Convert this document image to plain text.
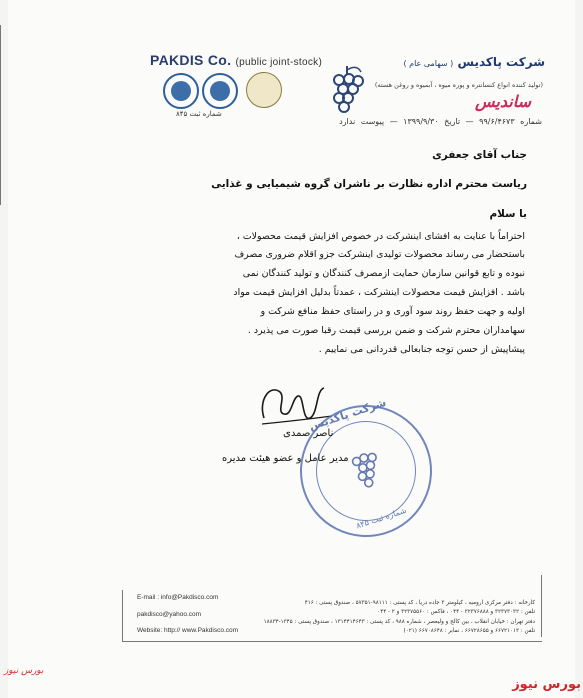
PAKDIS Co. (public joint-stock)	شرکت پاکدیس ( سهامی عام )
(تولید کننده انواع کنسانتره و پوره میوه ، آبمیوه و روغن هسته)
ساندیس
شماره ثبت ۸۴۵
شماره ۹۹/۶/۴۶۷۳ — تاریخ ۱۳۹۹/۹/۳۰ — پیوست ندارد
جناب آقای جعفری
ریاست محترم اداره نظارت بر ناشران گروه شیمیایی و غذایی
با سلام
احتراماً با عنایت به افشای اینشرکت در خصوص افزایش قیمت محصولات ،
باستحضار می رساند محصولات تولیدی اینشرکت جزو اقلام ضروری مصرف
نبوده و تابع قوانین سازمان حمایت ازمصرف کنندگان و تولید کنندگان نمی
باشد . افزایش قیمت محصولات اینشرکت ، عمدتاً بدلیل افزایش قیمت مواد
اولیه و جهت حفظ روند سود آوری و در راستای حفظ منافع شرکت و
سهامداران محترم شرکت و ضمن بررسی قیمت رقبا صورت می پذیرد .
پیشاپیش از حسن توجه جنابعالی قدردانی می نماییم .
شرکت پاکدیس
شماره ثبت ۸۴۵
ناصر صمدی
مدیر عامل و عضو هیئت مدیره
E-mail : info@Pakdisco.com
pakdisco@yahoo.com
Website: http:// www.Pakdisco.com
کارخانه : دفتر مرکزی ارومیه ، کیلومتر ۳ جاده دریا ، کد پستی : ۹۸۱۱۱-۵۷۳۵۱ ، صندوق پستی : ۴۱۶
تلفن : ۳۲۳۷۳۰۳۲ و ۳۲۳۷۶۸۸۸ - ۰۴۴ ، فاکس : ۳۲۳۷۵۵۶۰ و ۲ - ۰۴۴
دفتر تهران : خیابان انقلاب ، بین کالج و ولیعصر ، شماره ۹۸۸ ، کد پستی : ۱۳۱۴۴۱۴۶۴۳ ، صندوق پستی : ۱۳۴۵-۱۸۸۳۴
تلفن : ۶۶۷۲۱۰۱۲ و ۶۶۷۲۸۶۵۵ ، نمابر : ۶۶۷۰۸۶۴۸ (۰۲۱)
بورس نیوز
بورس نیوز
